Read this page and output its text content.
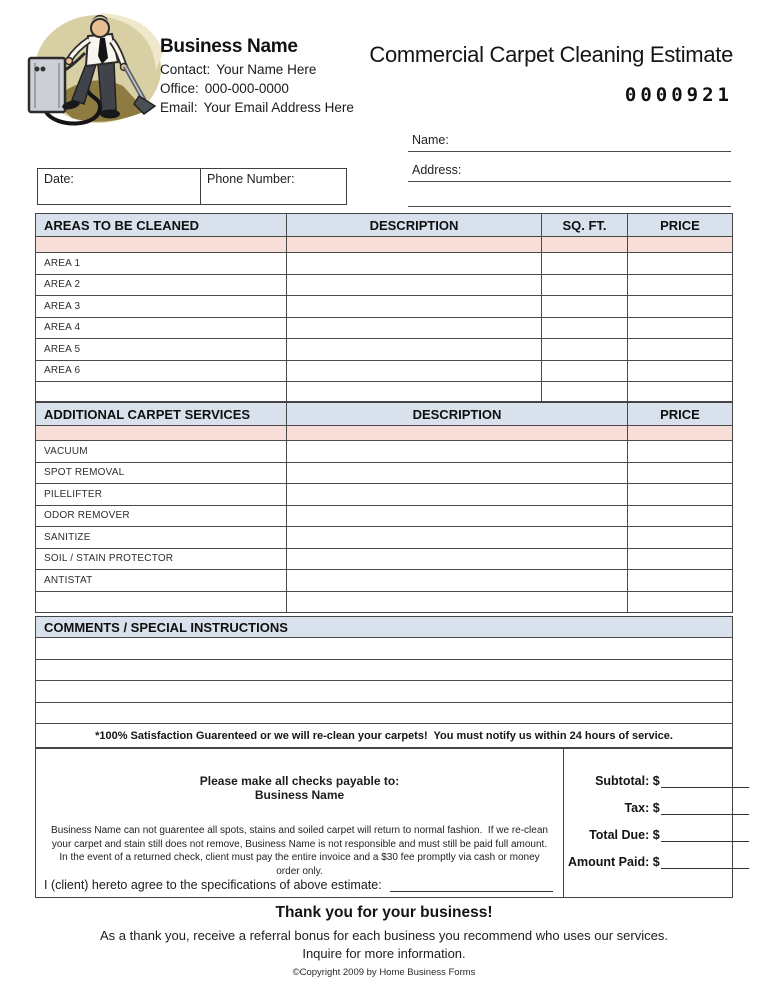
Business Name
Contact: Your Name Here
Office: 000-000-0000
Email: Your Email Address Here
Commercial Carpet Cleaning Estimate
0000921
Name:
Address:
Date:	Phone Number:
AREAS TO BE CLEANED	DESCRIPTION	SQ. FT.	PRICE
AREA 1
AREA 2
AREA 3
AREA 4
AREA 5
AREA 6
ADDITIONAL CARPET SERVICES	DESCRIPTION	PRICE
VACUUM
SPOT REMOVAL
PILELIFTER
ODOR REMOVER
SANITIZE
SOIL / STAIN PROTECTOR
ANTISTAT
COMMENTS / SPECIAL INSTRUCTIONS
*100% Satisfaction Guarenteed or we will re-clean your carpets!  You must notify us within 24 hours of service.
Please make all checks payable to:
Business Name
Business Name can not guarentee all spots, stains and soiled carpet will return to normal fashion.  If we re-clean your carpet and stain still does not remove, Business Name is not responsible and must still be paid full amount.  In the event of a returned check, client must pay the entire invoice and a $30 fee promptly via cash or money order only.
I (client) hereto agree to the specifications of above estimate:
Subtotal: $
Tax: $
Total Due: $
Amount Paid: $
Thank you for your business!
As a thank you, receive a referral bonus for each business you recommend who uses our services.
Inquire for more information.
©Copyright 2009 by Home Business Forms
